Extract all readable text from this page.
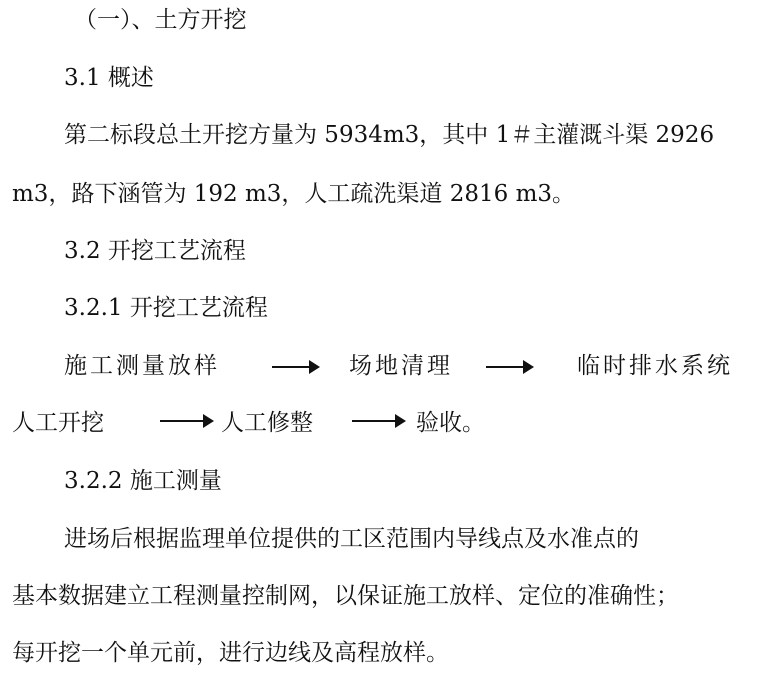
（一）、土方开挖
3.1 概述
第二标段总土开挖方量为 5934m3，其中 1＃主灌溉斗渠 2926
m3，路下涵管为 192 m3，人工疏洗渠道 2816 m3。
3.2 开挖工艺流程
3.2.1 开挖工艺流程
施工测量放样	场地清理	临时排水系统
人工开挖	人工修整	验收。
3.2.2 施工测量
进场后根据监理单位提供的工区范围内导线点及水准点的
基本数据建立工程测量控制网，以保证施工放样、定位的准确性；
每开挖一个单元前，进行边线及高程放样。
